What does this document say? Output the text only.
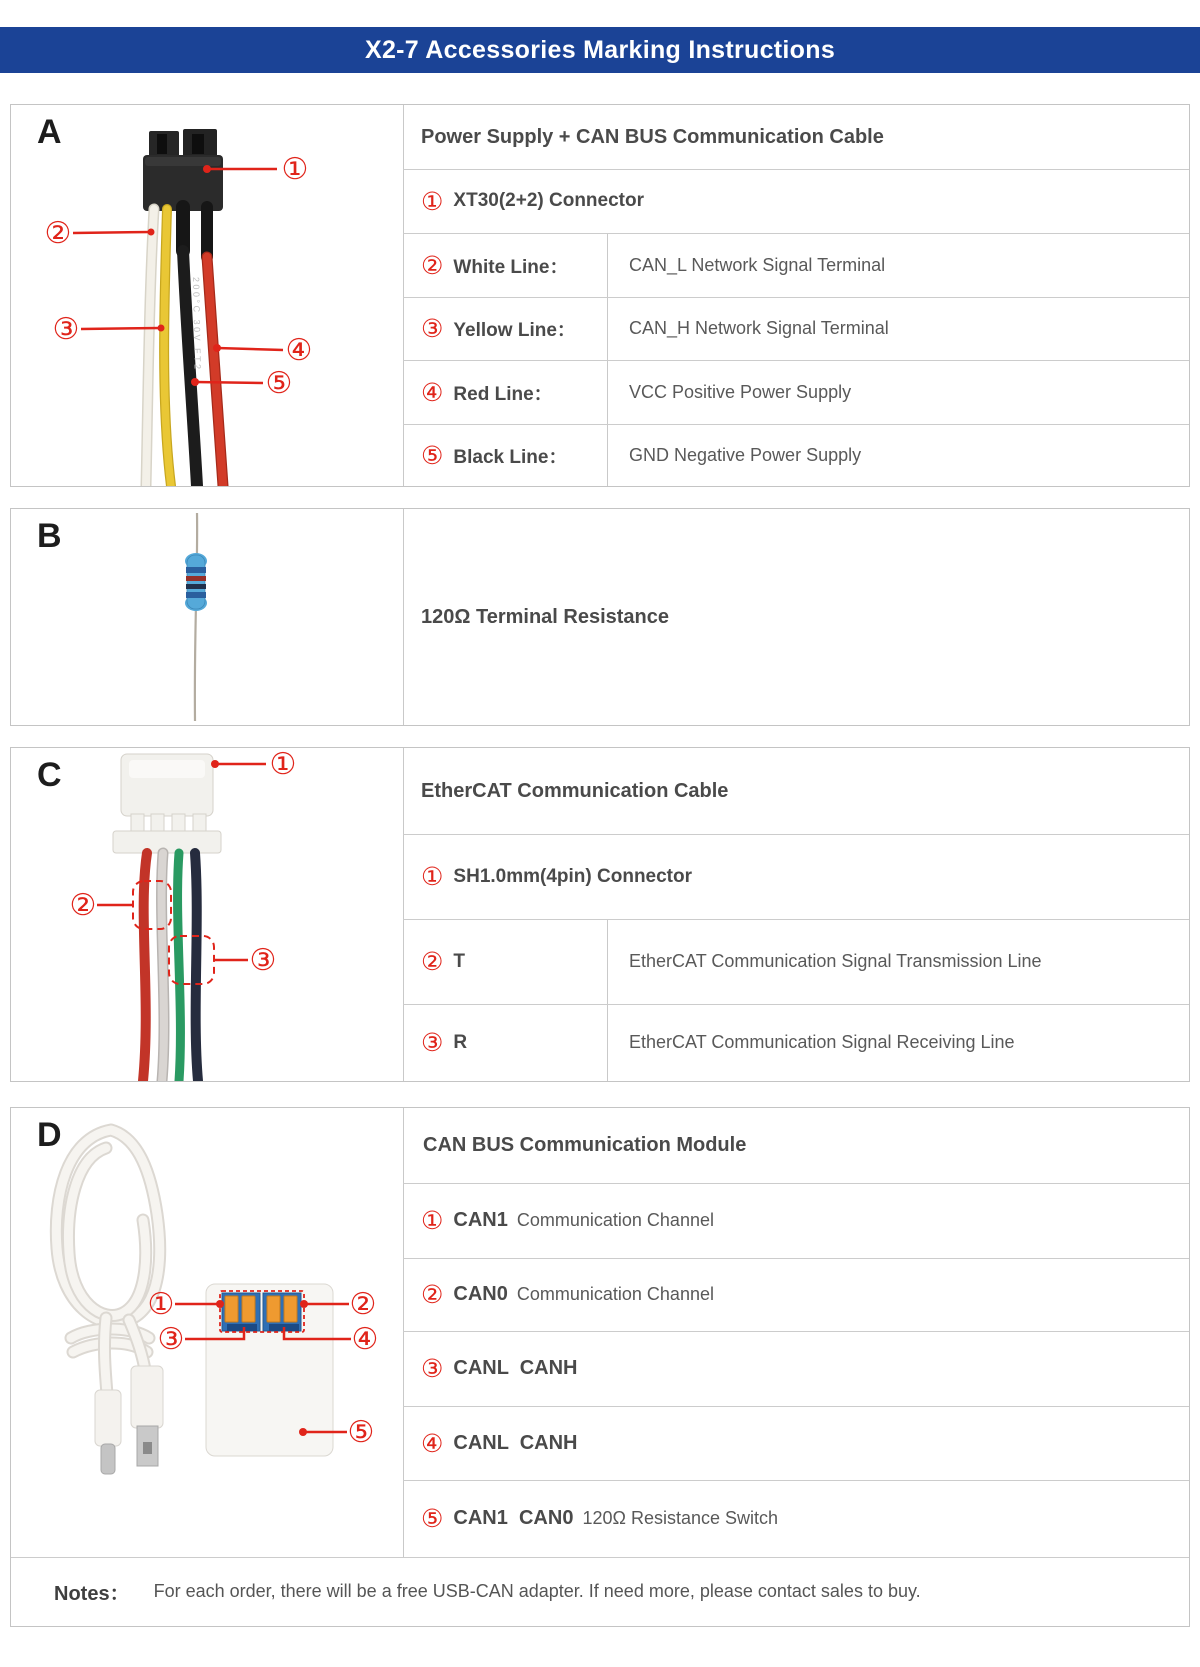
X2-7 Accessories Marking Instructions
A
200°C 30V FT2
①
②
③
④
⑤
Power Supply + CAN BUS Communication Cable
① XT30(2+2) Connector
② White Line：	CAN_L Network Signal Terminal
③ Yellow Line：	CAN_H Network Signal Terminal
④ Red Line：	VCC Positive Power Supply
⑤ Black Line：	GND Negative Power Supply
B
120Ω Terminal Resistance
C	①
②
③
EtherCAT Communication Cable
① SH1.0mm(4pin) Connector
② T	EtherCAT Communication Signal Transmission Line
③ R	EtherCAT Communication Signal Receiving Line
D
①	②
③	④
⑤
CAN BUS Communication Module
① CAN1 Communication Channel
② CAN0 Communication Channel
③ CANL  CANH
④ CANL  CANH
⑤ CAN1  CAN0 120Ω Resistance Switch
Notes： For each order, there will be a free USB-CAN adapter. If need more, please contact sales to buy.
